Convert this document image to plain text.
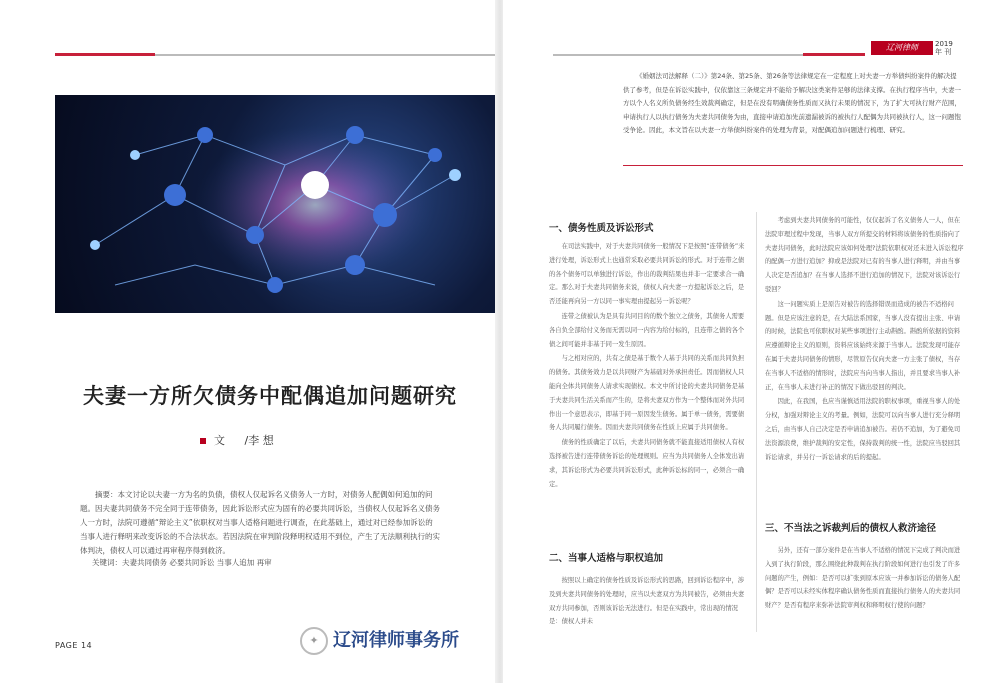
夫妻一方所欠债务中配偶追加问题研究
文 /李 想
摘要：本文讨论以夫妻一方为名的负债，债权人仅起诉名义债务人一方时，对债务人配偶如何追加的问题。因夫妻共同债务不完全同于连带债务，因此诉讼形式应为固有的必要共同诉讼，当债权人仅起诉名义债务人一方时，法院可遵循“辩论主义”依职权对当事人适格问题进行调查，在此基础上，通过对已经参加诉讼的当事人进行释明来改变诉讼的不合法状态。若因法院在审判阶段释明权适用不到位，产生了无法顺利执行的实体判决，债权人可以通过再审程序得到救济。
关键词：夫妻共同债务 必要共同诉讼 当事人追加 再审
PAGE 14
辽河律师	2019
年 刊
《婚姻法司法解释（二）》第24条、第25条、第26条等法律规定在一定程度上对夫妻一方举债纠纷案件的解决提供了参考，但是在诉讼实践中，仅依靠这三条规定并不能给予解决这类案件足够的法律支撑。在执行程序当中，夫妻一方以个人名义所负债务经生效裁判确定，但是在没有明确债务性质而又执行未果的情况下，为了扩大可执行财产范围，申请执行人以执行债务为夫妻共同债务为由，直接申请追加先前遗漏被诉的被执行人配偶为共同被执行人，这一问题饱受争论。因此，本文旨在以夫妻一方举债纠纷案件的处理为背景，对配偶追加问题进行梳理、研究。
一、债务性质及诉讼形式

在司法实践中，对于夫妻共同债务一般情况下是按照“连带债务”来进行处理，诉讼形式上也通常采取必要共同诉讼的形式。对于连带之债的各个债务可以单独进行诉讼，作出的裁判结果也并非一定要求合一确定。那么对于夫妻共同债务来说，债权人向夫妻一方提起诉讼之后，是否还能再向另一方以同一事实理由提起另一诉讼呢？

连带之债被认为是具有共同目的的数个独立之债务，其债务人需要各自负全部给付义务而无需以同一内容为给付标的，且连带之债的各个债之间可能并非基于同一发生原因。

与之相对应的，共有之债是基于数个人基于共同的关系而共同负担的债务。其债务效力是以共同财产为基础对外承担责任。因而债权人只能向全体共同债务人请求实现债权。本文中所讨论的夫妻共同债务是基于夫妻共同生活关系而产生的，是将夫妻双方作为一个整体而对外共同作出一个意思表示，即基于同一原因发生债务。属于单一债务，需要债务人共同履行债务。因而夫妻共同债务在性质上应属于共同债务。

债务的性质确定了以后，夫妻共同债务就不能直接适用债权人有权选择被告进行连带债务诉讼的处理规则。应当为共同债务人全体发出请求，其诉讼形式为必要共同诉讼形式，此种诉讼标的同一，必须合一确定。

二、当事人适格与职权追加

按照以上确定的债务性质及诉讼形式的思路，回到诉讼程序中，涉及到夫妻共同债务的处理时，应当以夫妻双方为共同被告，必须由夫妻双方共同参加，否则该诉讼无法进行。但是在实践中，常出现的情况是：债权人并未

考虑到夫妻共同债务的可能性，仅仅起诉了名义债务人一人，但在法院审理过程中发现，当事人双方所提交的材料将该债务的性质指向了夫妻共同债务，此时法院应该如何处理?法院依职权对还未进入诉讼程序的配偶一方进行追加？抑或是法院对已有的当事人进行释明，并由当事人决定是否追加？在当事人选择不进行追加的情况下，法院对该诉讼行驳回？

这一问题实质上是原告对被告的选择错误而造成的被告不适格问题。但是应该注意的是，在大陆法系国家，当事人没有提出主张、申请的时候，法院也可依职权对某些事项进行主动斟酌。斟酌所依据的资料应遵循辩论主义的原则，资料应该始终来源于当事人。法院发现可能存在属于夫妻共同债务的情形，尽管原告仅向夫妻一方主张了债权，当存在当事人不适格的情形时，法院应当向当事人指出，并且要求当事人补正，在当事人未进行补正的情况下做出驳回的判决。

因此，在我国，也应当谨慎适用法院的职权事项，重视当事人的处分权，加强对辩论主义的考量。例如，法院可以向当事人进行充分释明之后，由当事人自己决定是否申请追加被告。若仍不追加，为了避免司法资源浪费，维护裁判的安定性，保持裁判的统一性，法院应当驳回其诉讼请求，并另行一诉讼请求的后的提起。

三、不当法之诉裁判后的债权人救济途径

另外，还有一部分案件是在当事人不适格的情况下完成了判决而进入到了执行阶段，那么围绕此种裁判在执行阶段如何进行也引发了许多问题的产生，例如：是否可以扩张到原本应该一并参加诉讼的债务人配偶？是否可以未经实体程序确认债务性质而直接执行债务人的夫妻共同财产？是否有程序来弥补法院审判权和释明权行使的问题？

✦ 辽河律师事务所
